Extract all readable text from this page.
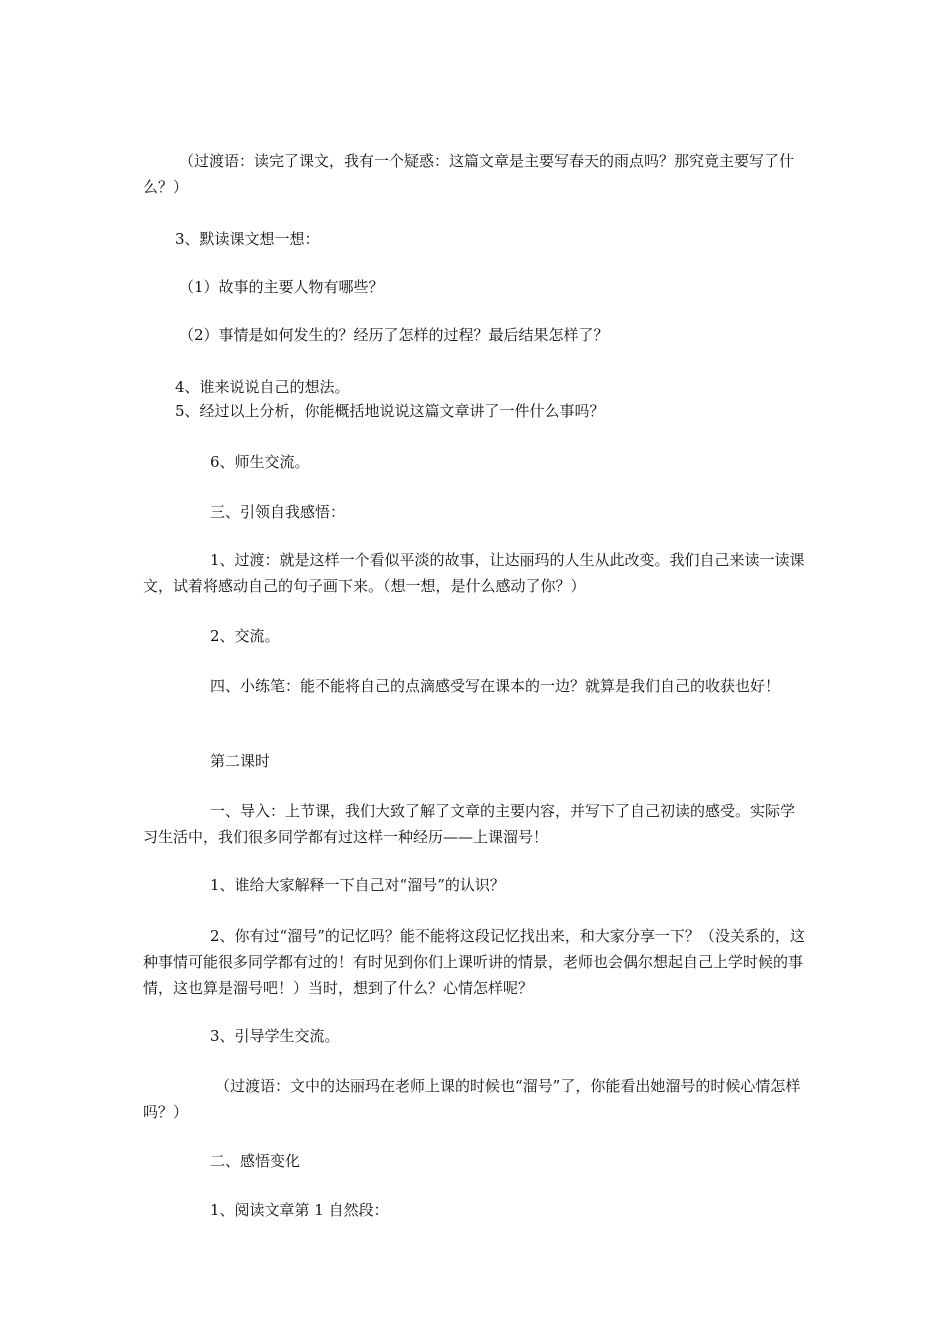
（过渡语：读完了课文，我有一个疑惑：这篇文章是主要写春天的雨点吗？那究竟主要写了什么？）

3、默读课文想一想：

（1）故事的主要人物有哪些？

（2）事情是如何发生的？经历了怎样的过程？最后结果怎样了？

4、谁来说说自己的想法。

5、经过以上分析，你能概括地说说这篇文章讲了一件什么事吗？

6、师生交流。

三、引领自我感悟：

1、过渡：就是这样一个看似平淡的故事，让达丽玛的人生从此改变。我们自己来读一读课文，试着将感动自己的句子画下来。（想一想，是什么感动了你？）

2、交流。

四、小练笔：能不能将自己的点滴感受写在课本的一边？就算是我们自己的收获也好！

第二课时

一、导入：上节课，我们大致了解了文章的主要内容，并写下了自己初读的感受。实际学习生活中，我们很多同学都有过这样一种经历——上课溜号！

1、谁给大家解释一下自己对“溜号”的认识？

2、你有过“溜号”的记忆吗？能不能将这段记忆找出来，和大家分享一下？（没关系的，这种事情可能很多同学都有过的！有时见到你们上课听讲的情景，老师也会偶尔想起自己上学时候的事情，这也算是溜号吧！）当时，想到了什么？心情怎样呢？

3、引导学生交流。

（过渡语：文中的达丽玛在老师上课的时候也“溜号”了，你能看出她溜号的时候心情怎样吗？）

二、感悟变化

1、阅读文章第 1 自然段：
